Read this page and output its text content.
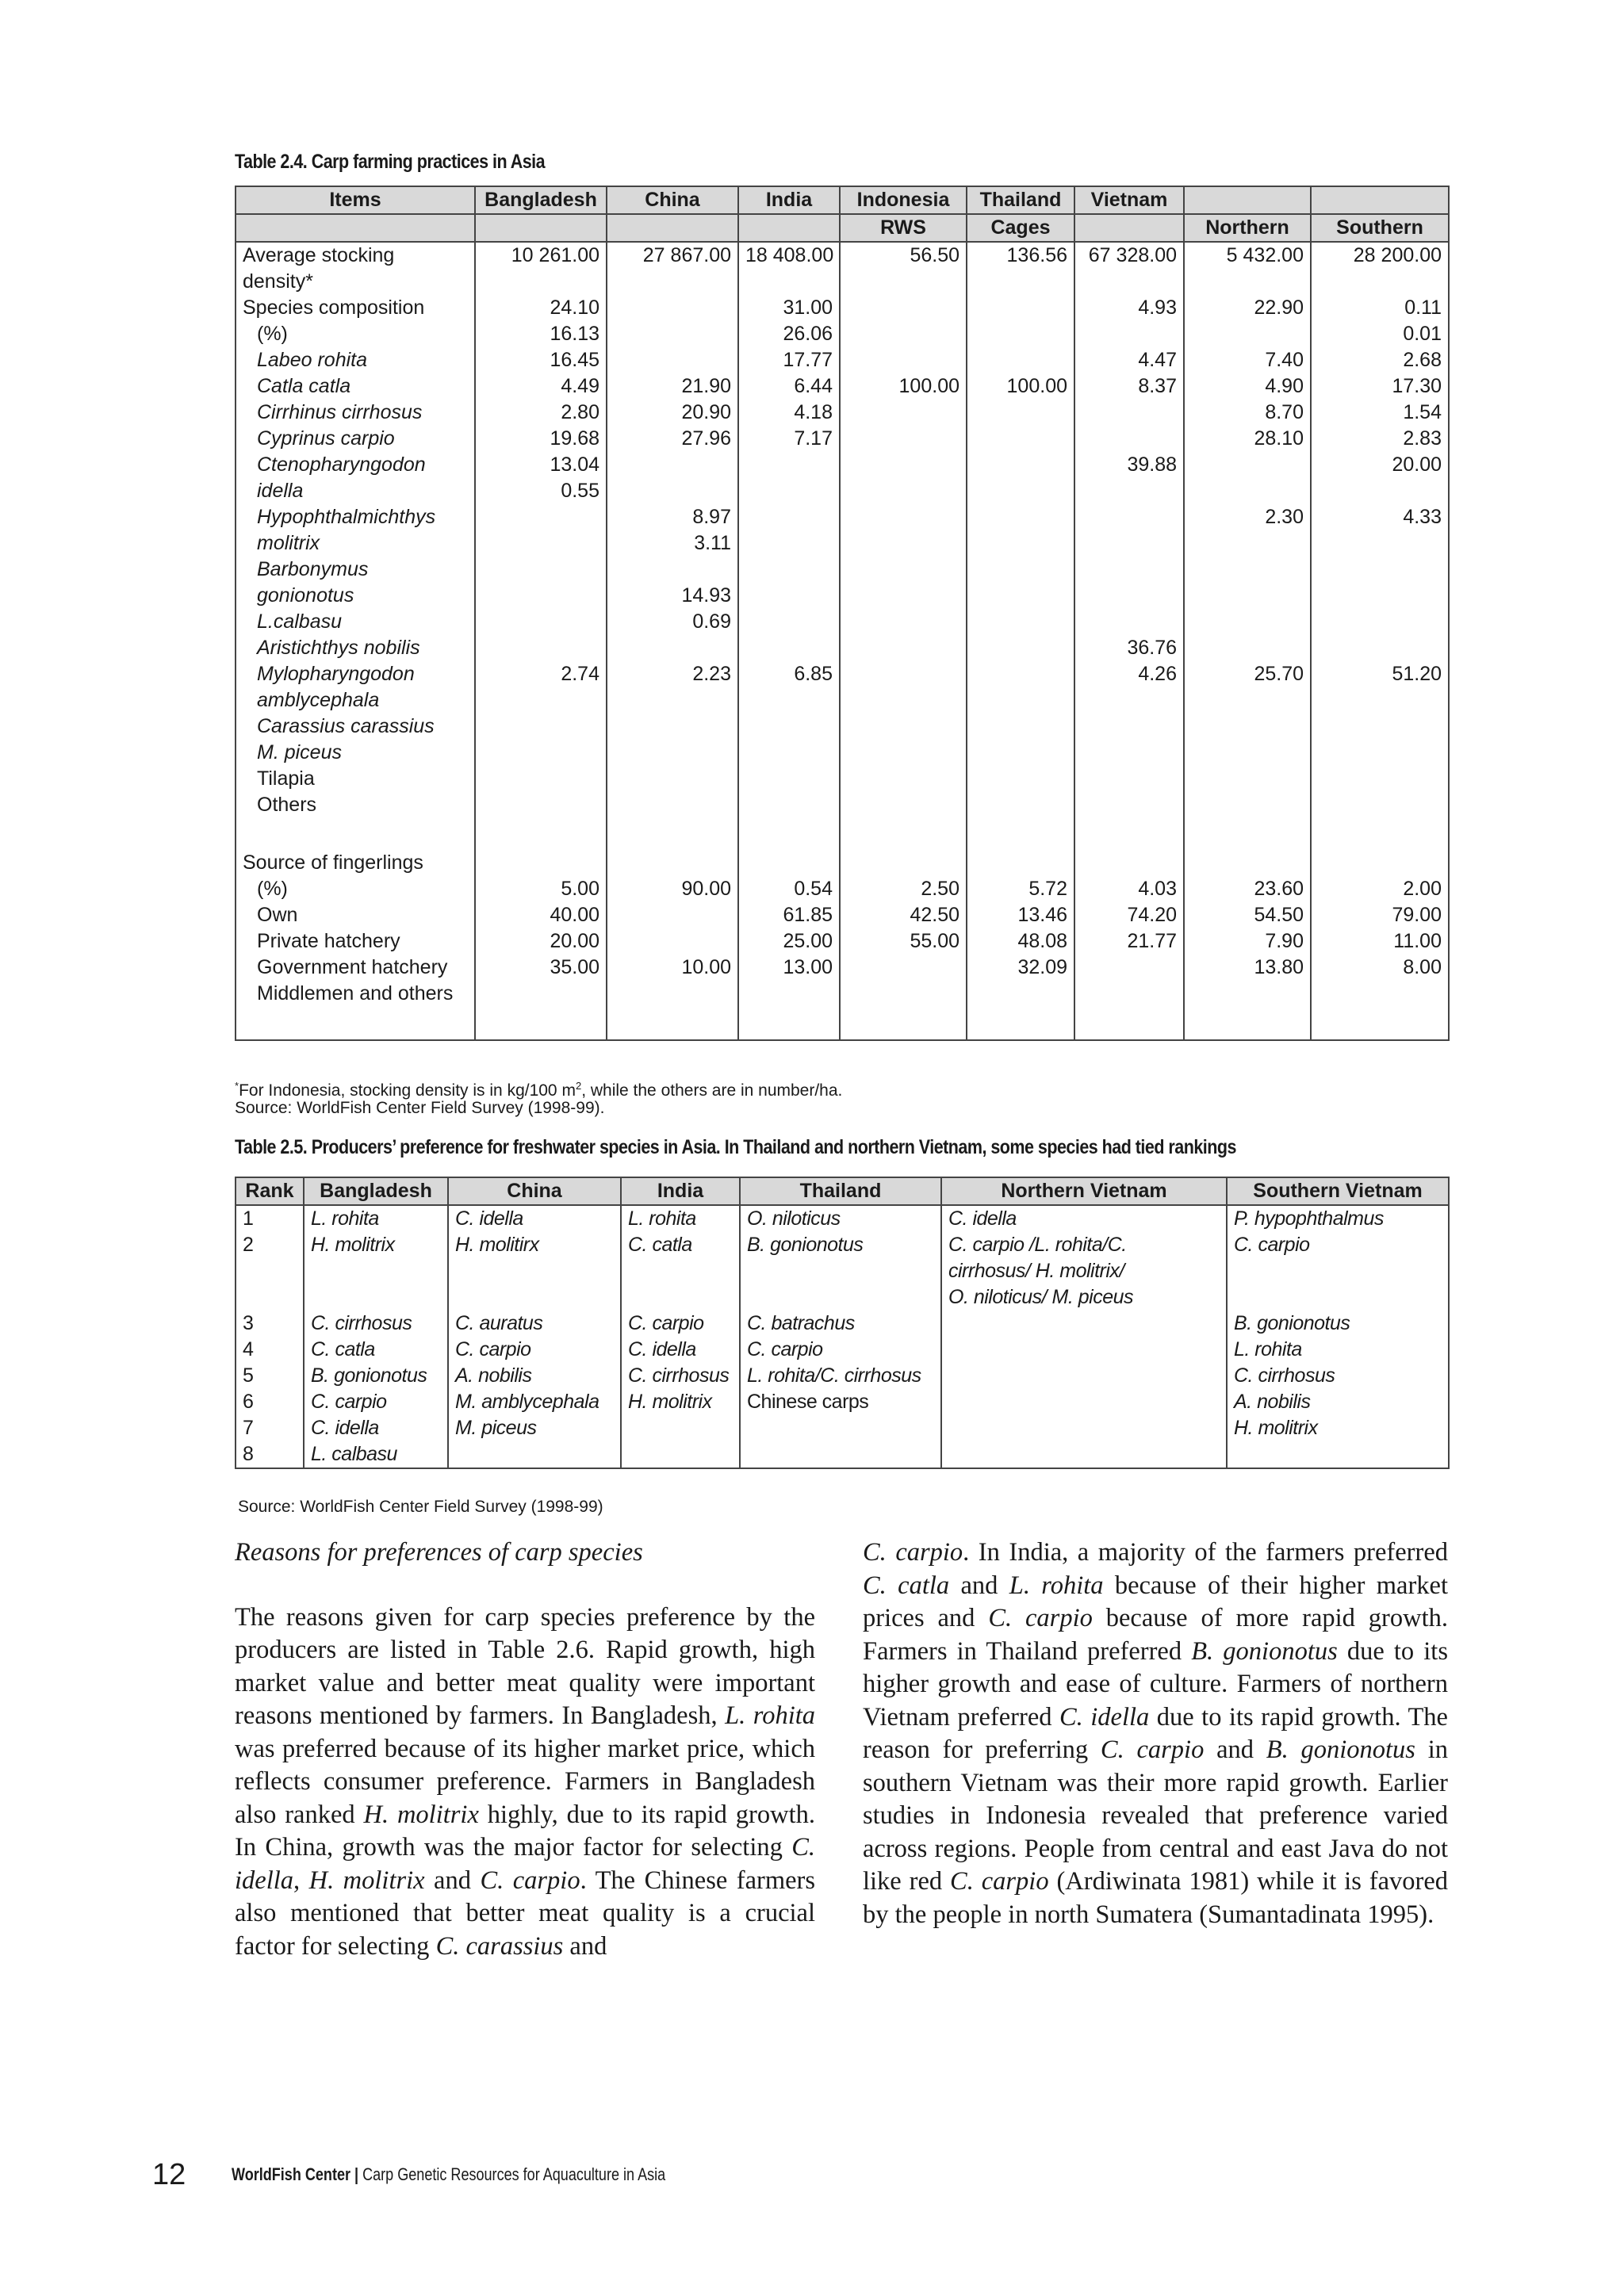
Table 2.4. Carp farming practices in Asia
Items	Bangladesh	China	India	Indonesia	Thailand	Vietnam		
				RWS	Cages		Northern	Southern
Average stocking	10 261.00	27 867.00	18 408.00	56.50	136.56	67 328.00	5 432.00	28 200.00
density*								
Species composition	24.10		31.00			4.93	22.90	0.11
(%)	16.13		26.06					0.01
Labeo rohita	16.45		17.77			4.47	7.40	2.68
Catla catla	4.49	21.90	6.44	100.00	100.00	8.37	4.90	17.30
Cirrhinus cirrhosus	2.80	20.90	4.18				8.70	1.54
Cyprinus carpio	19.68	27.96	7.17				28.10	2.83
Ctenopharyngodon	13.04					39.88		20.00
idella	0.55							
Hypophthalmichthys		8.97					2.30	4.33
molitrix		3.11						
Barbonymus								
gonionotus		14.93						
L.calbasu		0.69						
Aristichthys nobilis						36.76		
Mylopharyngodon	2.74	2.23	6.85			4.26	25.70	51.20
amblycephala								
Carassius carassius								
M. piceus								
Tilapia								
Others								

Source of fingerlings								
(%)	5.00	90.00	0.54	2.50	5.72	4.03	23.60	2.00
Own	40.00		61.85	42.50	13.46	74.20	54.50	79.00
Private hatchery	20.00		25.00	55.00	48.08	21.77	7.90	11.00
Government hatchery	35.00	10.00	13.00		32.09		13.80	8.00
Middlemen and others								

*For Indonesia, stocking density is in kg/100 $m^2$, while the others are in number/ha.
Source: WorldFish Center Field Survey (1998-99).
Table 2.5. Producers’ preference for freshwater species in Asia. In Thailand and northern Vietnam, some species had tied rankings
Rank	Bangladesh	China	India	Thailand	Northern Vietnam	Southern Vietnam
1	L. rohita	C. idella	L. rohita	O. niloticus	C. idella	P. hypophthalmus
2	H. molitrix	H. molitirx	C. catla	B. gonionotus	C. carpio /L. rohita/C.	C. carpio
					cirrhosus/ H. molitrix/	
					O. niloticus/ M. piceus	
3	C. cirrhosus	C. auratus	C. carpio	C. batrachus		B. gonionotus
4	C. catla	C. carpio	C. idella	C. carpio		L. rohita
5	B. gonionotus	A. nobilis	C. cirrhosus	L. rohita/C. cirrhosus		C. cirrhosus
6	C. carpio	M. amblycephala	H. molitrix	Chinese carps		A. nobilis
7	C. idella	M. piceus				H. molitrix
8	L. calbasu					
Source: WorldFish Center Field Survey (1998-99)

Reasons for preferences of carp species

The reasons given for carp species preference by the producers are listed in Table 2.6. Rapid growth, high market value and better meat quality were important reasons mentioned by farmers. In Bangladesh, L. rohita was preferred because of its higher market price, which reflects consumer preference. Farmers in Bangladesh also ranked H. molitrix highly, due to its rapid growth. In China, growth was the major factor for selecting C. idella, H. molitrix and C. carpio. The Chinese farmers also mentioned that better meat quality is a crucial factor for selecting C. carassius and

C. carpio. In India, a majority of the farmers preferred C. catla and L. rohita because of their higher market prices and C. carpio because of more rapid growth. Farmers in Thailand preferred B. gonionotus due to its higher growth and ease of culture. Farmers of northern Vietnam preferred C. idella due to its rapid growth. The reason for preferring C. carpio and B. gonionotus in southern Vietnam was their more rapid growth. Earlier studies in Indonesia revealed that preference varied across regions. People from central and east Java do not like red C. carpio (Ardiwinata 1981) while it is favored by the people in north Sumatera (Sumantadinata 1995).

12	WorldFish Center | Carp Genetic Resources for Aquaculture in Asia
